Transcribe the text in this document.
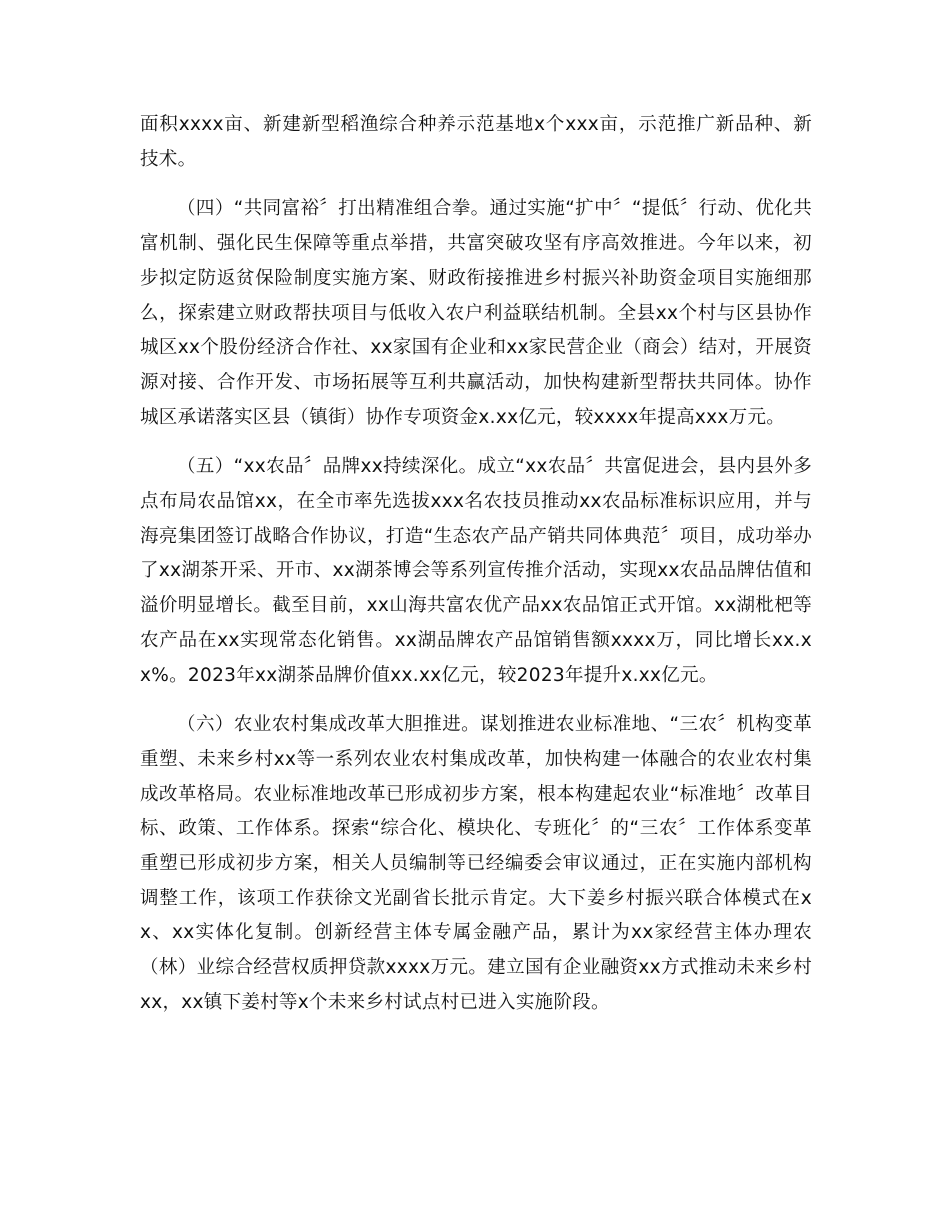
面积xxxx亩、新建新型稻渔综合种养示范基地x个xxx亩，示范推广新品种、新技术。

（四）“共同富裕〞打出精准组合拳。通过实施“扩中〞“提低〞行动、优化共富机制、强化民生保障等重点举措，共富突破攻坚有序高效推进。今年以来，初步拟定防返贫保险制度实施方案、财政衔接推进乡村振兴补助资金项目实施细那么，探索建立财政帮扶项目与低收入农户利益联结机制。全县xx个村与区县协作城区xx个股份经济合作社、xx家国有企业和xx家民营企业（商会）结对，开展资源对接、合作开发、市场拓展等互利共赢活动，加快构建新型帮扶共同体。协作城区承诺落实区县（镇街）协作专项资金x.xx亿元，较xxxx年提高xxx万元。

（五）“xx农品〞品牌xx持续深化。成立“xx农品〞共富促进会，县内县外多点布局农品馆xx，在全市率先选拔xxx名农技员推动xx农品标准标识应用，并与海亮集团签订战略合作协议，打造“生态农产品产销共同体典范〞项目，成功举办了xx湖茶开采、开市、xx湖茶博会等系列宣传推介活动，实现xx农品品牌估值和溢价明显增长。截至目前，xx山海共富农优产品xx农品馆正式开馆。xx湖枇杷等农产品在xx实现常态化销售。xx湖品牌农产品馆销售额xxxx万，同比增长xx.xx%。2023年xx湖茶品牌价值xx.xx亿元，较2023年提升x.xx亿元。

（六）农业农村集成改革大胆推进。谋划推进农业标准地、“三农〞机构变革重塑、未来乡村xx等一系列农业农村集成改革，加快构建一体融合的农业农村集成改革格局。农业标准地改革已形成初步方案，根本构建起农业“标准地〞改革目标、政策、工作体系。探索“综合化、模块化、专班化〞的“三农〞工作体系变革重塑已形成初步方案，相关人员编制等已经编委会审议通过，正在实施内部机构调整工作，该项工作获徐文光副省长批示肯定。大下姜乡村振兴联合体模式在xx、xx实体化复制。创新经营主体专属金融产品，累计为xx家经营主体办理农（林）业综合经营权质押贷款xxxx万元。建立国有企业融资xx方式推动未来乡村xx，xx镇下姜村等x个未来乡村试点村已进入实施阶段。
